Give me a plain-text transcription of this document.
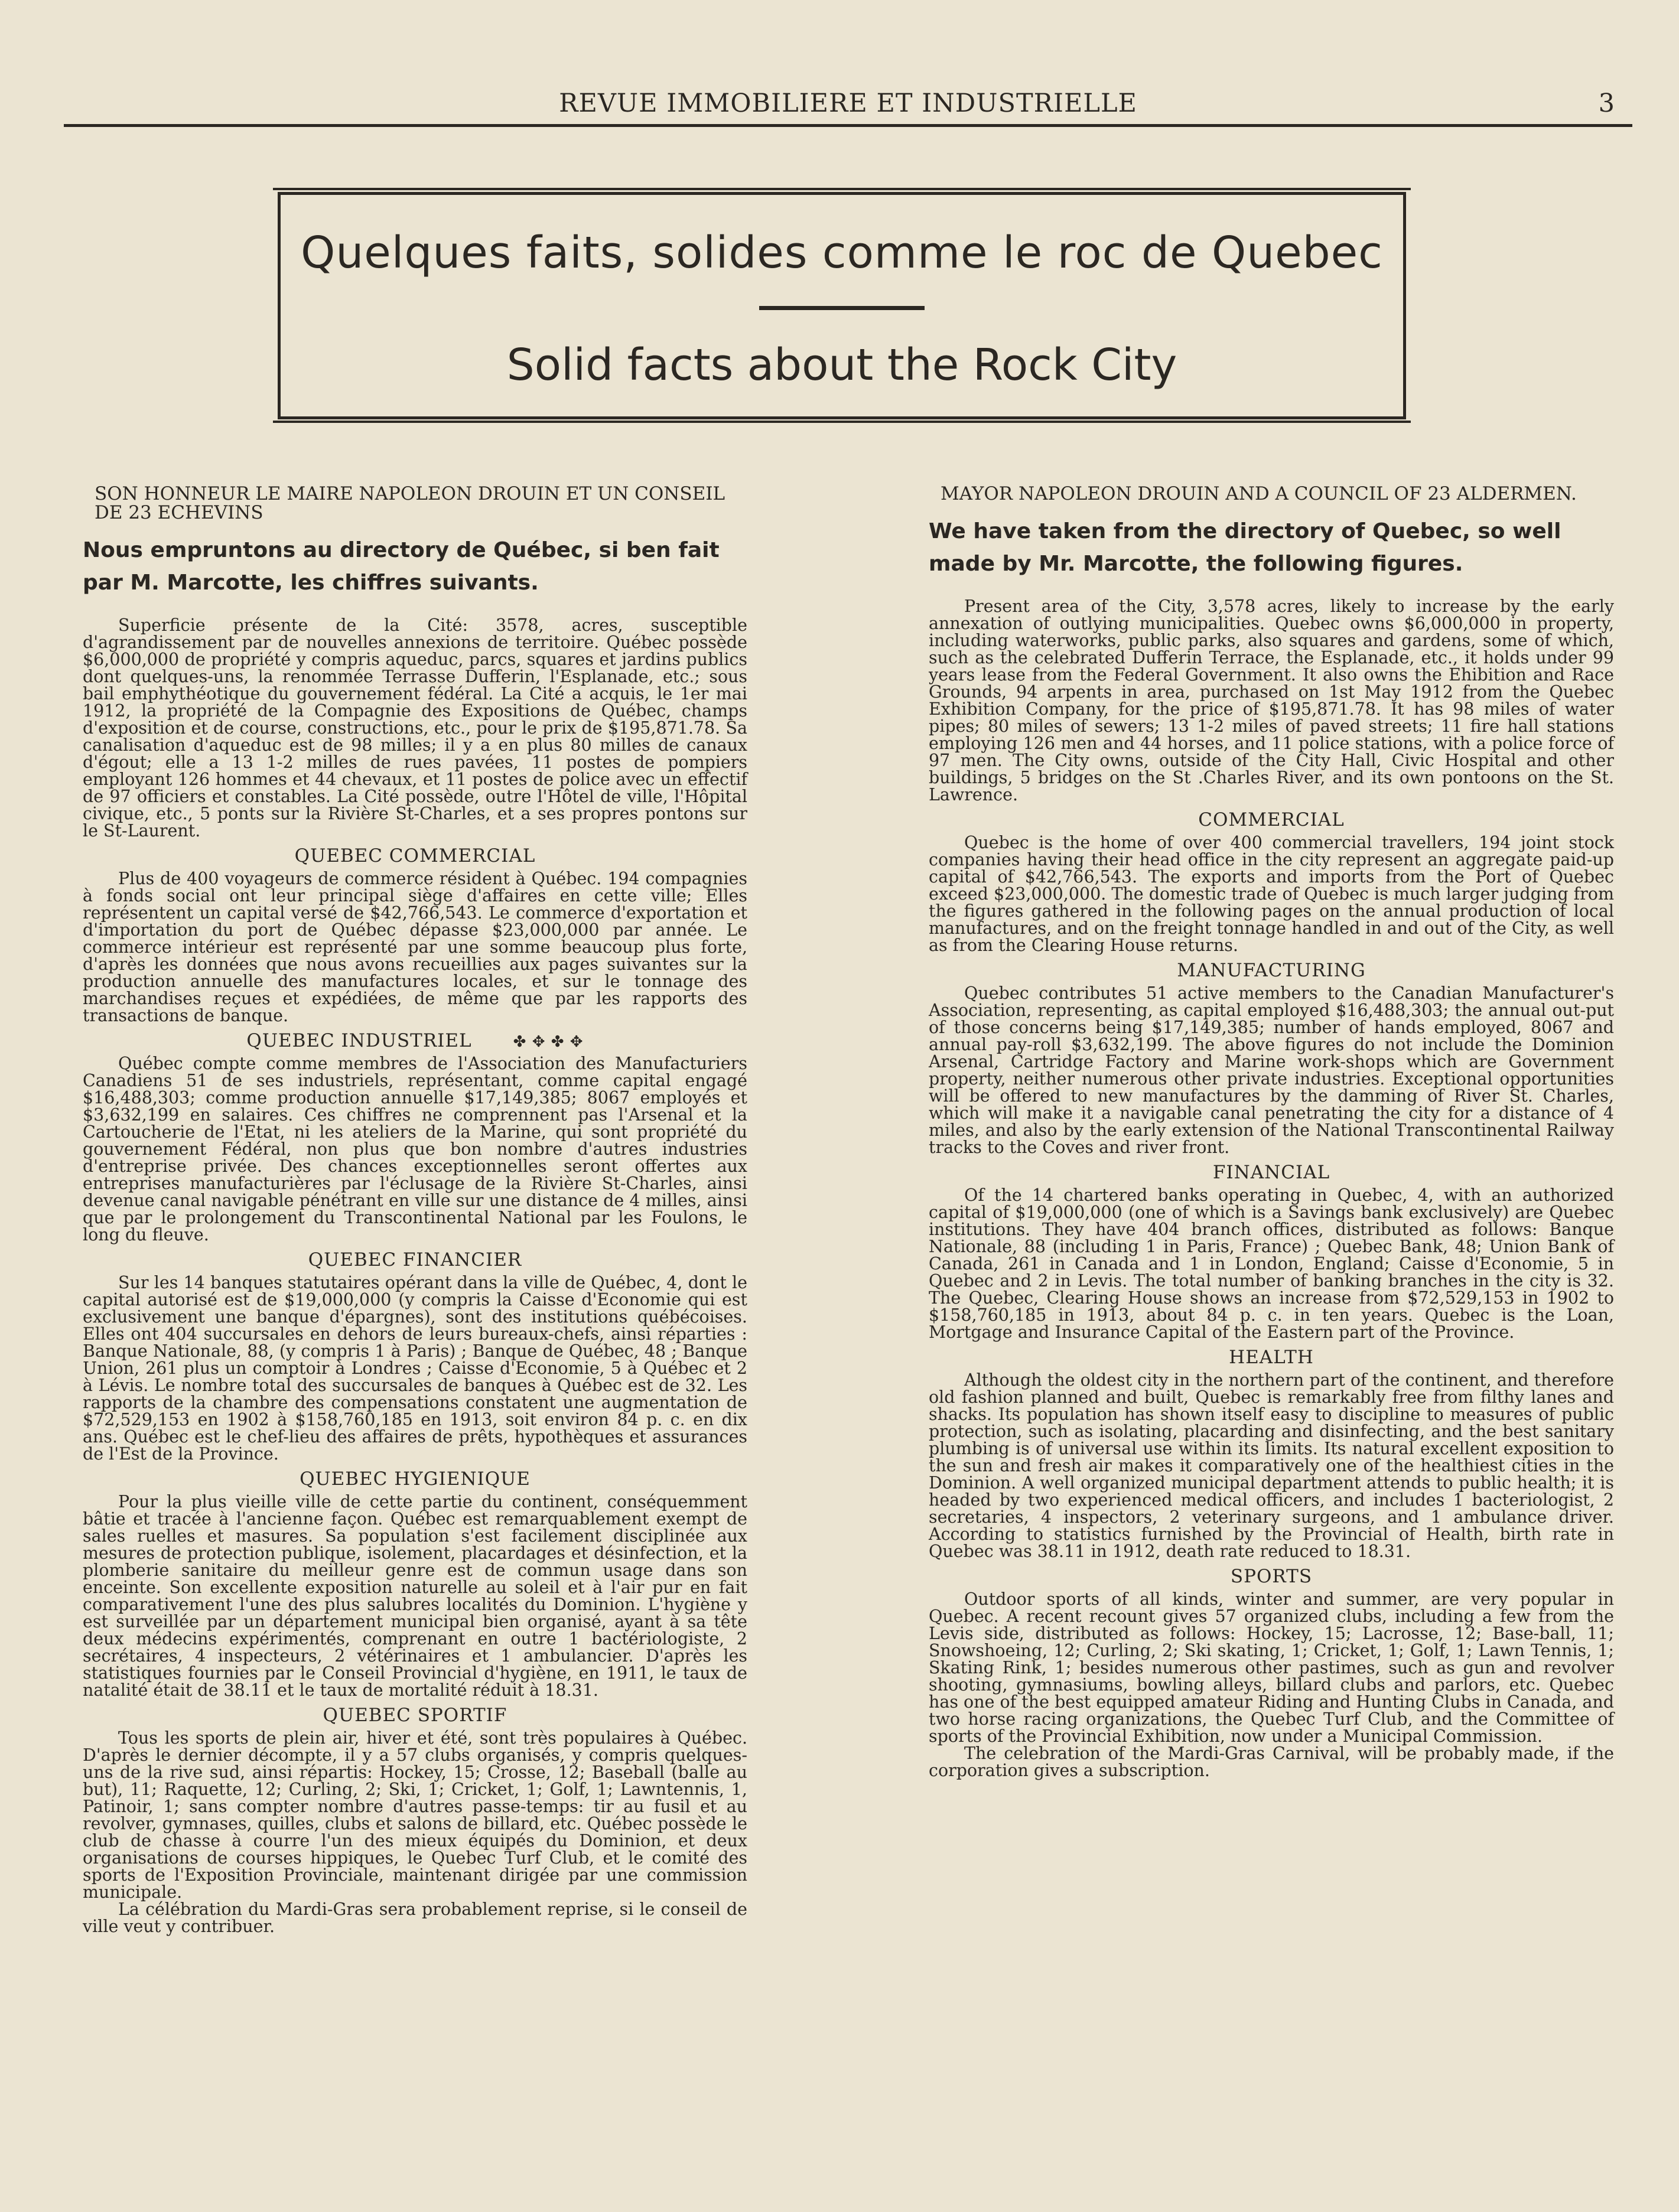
REVUE IMMOBILIERE ET INDUSTRIELLE	3
Quelques faits, solides comme le roc de Quebec
Solid facts about the Rock City

SON HONNEUR LE MAIRE NAPOLEON DROUIN ET UN CONSEIL DE 23 ECHEVINS

Nous empruntons au directory de Québec, si ben fait par M. Marcotte, les chiffres suivants.

Superficie présente de la Cité: 3578, acres, susceptible d'agrandissement par de nouvelles annexions de territoire. Québec possède $6,000,000 de propriété y compris aqueduc, parcs, squares et jardins publics dont quelques-uns, la renommée Terrasse Dufferin, l'Esplanade, etc.; sous bail emphythéotique du gouvernement fédéral. La Cité a acquis, le 1er mai 1912, la propriété de la Compagnie des Expositions de Québec, champs d'exposition et de course, constructions, etc., pour le prix de $195,871.78. Sa canalisation d'aqueduc est de 98 milles; il y a en plus 80 milles de canaux d'égout; elle a 13 1-2 milles de rues pavées, 11 postes de pompiers employant 126 hommes et 44 chevaux, et 11 postes de police avec un effectif de 97 officiers et constables. La Cité possède, outre l'Hôtel de ville, l'Hôpital civique, etc., 5 ponts sur la Rivière St-Charles, et a ses propres pontons sur le St-Laurent.

QUEBEC COMMERCIAL

Plus de 400 voyageurs de commerce résident à Québec. 194 compagnies à fonds social ont leur principal siège d'affaires en cette ville; Elles représentent un capital versé de $42,766,543. Le commerce d'exportation et d'importation du port de Québec dépasse $23,000,000 par année. Le commerce intérieur est représenté par une somme beaucoup plus forte, d'après les données que nous avons recueillies aux pages suivantes sur la production annuelle des manufactures locales, et sur le tonnage des marchandises reçues et expédiées, de même que par les rapports des transactions de banque.

QUEBEC INDUSTRIEL	✤ ✥ ✤ ✥

Québec compte comme membres de l'Association des Manufacturiers Canadiens 51 de ses industriels, représentant, comme capital engagé $16,488,303; comme production annuelle $17,149,385; 8067 employés et $3,632,199 en salaires. Ces chiffres ne comprennent pas l'Arsenal et la Cartoucherie de l'Etat, ni les ateliers de la Marine, qui sont propriété du gouvernement Fédéral, non plus que bon nombre d'autres industries d'entreprise privée. Des chances exceptionnelles seront offertes aux entreprises manufacturières par l'éclusage de la Rivière St-Charles, ainsi devenue canal navigable pénétrant en ville sur une distance de 4 milles, ainsi que par le prolongement du Transcontinental National par les Foulons, le long du fleuve.

QUEBEC FINANCIER

Sur les 14 banques statutaires opérant dans la ville de Québec, 4, dont le capital autorisé est de $19,000,000 (y compris la Caisse d'Economie qui est exclusivement une banque d'épargnes), sont des institutions québécoises. Elles ont 404 succursales en dehors de leurs bureaux-chefs, ainsi réparties : Banque Nationale, 88, (y compris 1 à Paris) ; Banque de Québec, 48 ; Banque Union, 261 plus un comptoir à Londres ; Caisse d'Economie, 5 à Québec et 2 à Lévis. Le nombre total des succursales de banques à Québec est de 32. Les rapports de la chambre des compensations constatent une augmentation de $72,529,153 en 1902 à $158,760,185 en 1913, soit environ 84 p. c. en dix ans. Québec est le chef-lieu des affaires de prêts, hypothèques et assurances de l'Est de la Province.

QUEBEC HYGIENIQUE

Pour la plus vieille ville de cette partie du continent, conséquemment bâtie et tracée à l'ancienne façon. Québec est remarquablement exempt de sales ruelles et masures. Sa population s'est facilement disciplinée aux mesures de protection publique, isolement, placardages et désinfection, et la plomberie sanitaire du meilleur genre est de commun usage dans son enceinte. Son excellente exposition naturelle au soleil et à l'air pur en fait comparativement l'une des plus salubres localités du Dominion. L'hygiène y est surveillée par un département municipal bien organisé, ayant à sa tête deux médecins expérimentés, comprenant en outre 1 bactériologiste, 2 secrétaires, 4 inspecteurs, 2 vétérinaires et 1 ambulancier. D'après les statistiques fournies par le Conseil Provincial d'hygiène, en 1911, le taux de natalité était de 38.11 et le taux de mortalité réduit à 18.31.

QUEBEC SPORTIF

Tous les sports de plein air, hiver et été, sont très populaires à Québec. D'après le dernier décompte, il y a 57 clubs organisés, y compris quelques-uns de la rive sud, ainsi répartis: Hockey, 15; Crosse, 12; Baseball (balle au but), 11; Raquette, 12; Curling, 2; Ski, 1; Cricket, 1; Golf, 1; Lawntennis, 1, Patinoir, 1; sans compter nombre d'autres passe-temps: tir au fusil et au revolver, gymnases, quilles, clubs et salons de billard, etc. Québec possède le club de chasse à courre l'un des mieux équipés du Dominion, et deux organisations de courses hippiques, le Quebec Turf Club, et le comité des sports de l'Exposition Provinciale, maintenant dirigée par une commission municipale.

La célébration du Mardi-Gras sera probablement reprise, si le conseil de ville veut y contribuer.

MAYOR NAPOLEON DROUIN AND A COUNCIL OF 23 ALDERMEN.

We have taken from the directory of Quebec, so well made by Mr. Marcotte, the following figures.

Present area of the City, 3,578 acres, likely to increase by the early annexation of outlying municipalities. Quebec owns $6,000,000 in property, including waterworks, public parks, also squares and gardens, some of which, such as the celebrated Dufferin Terrace, the Esplanade, etc., it holds under 99 years lease from the Federal Government. It also owns the Ehibition and Race Grounds, 94 arpents in area, purchased on 1st May 1912 from the Quebec Exhibition Company, for the price of $195,871.78. It has 98 miles of water pipes; 80 miles of sewers; 13 1-2 miles of paved streets; 11 fire hall stations employing 126 men and 44 horses, and 11 police stations, with a police force of 97 men. The City owns, outside of the City Hall, Civic Hospital and other buildings, 5 bridges on the St .Charles River, and its own pontoons on the St. Lawrence.

COMMERCIAL

Quebec is the home of over 400 commercial travellers, 194 joint stock companies having their head office in the city represent an aggregate paid-up capital of $42,766,543. The exports and imports from the Port of Quebec exceed $23,000,000. The domestic trade of Quebec is much larger judging from the figures gathered in the following pages on the annual production of local manufactures, and on the freight tonnage handled in and out of the City, as well as from the Clearing House returns.

MANUFACTURING

Quebec contributes 51 active members to the Canadian Manufacturer's Association, representing, as capital employed $16,488,303; the annual out-put of those concerns being $17,149,385; number of hands employed, 8067 and annual pay-roll $3,632,199. The above figures do not include the Dominion Arsenal, Cartridge Factory and Marine work-shops which are Government property, neither numerous other private industries. Exceptional opportunities will be offered to new manufactures by the damming of River St. Charles, which will make it a navigable canal penetrating the city for a distance of 4 miles, and also by the early extension of the National Transcontinental Railway tracks to the Coves and river front.

FINANCIAL

Of the 14 chartered banks operating in Quebec, 4, with an authorized capital of $19,000,000 (one of which is a Savings bank exclusively) are Quebec institutions. They have 404 branch offices, distributed as follows: Banque Nationale, 88 (including 1 in Paris, France) ; Quebec Bank, 48; Union Bank of Canada, 261 in Canada and 1 in London, England; Caisse d'Economie, 5 in Quebec and 2 in Levis. The total number of banking branches in the city is 32. The Quebec, Clearing House shows an increase from $72,529,153 in 1902 to $158,760,185 in 1913, about 84 p. c. in ten years. Quebec is the Loan, Mortgage and Insurance Capital of the Eastern part of the Province.

HEALTH

Although the oldest city in the northern part of the continent, and therefore old fashion planned and built, Quebec is remarkably free from filthy lanes and shacks. Its population has shown itself easy to discipline to measures of public protection, such as isolating, placarding and disinfecting, and the best sanitary plumbing is of universal use within its limits. Its natural excellent exposition to the sun and fresh air makes it comparatively one of the healthiest cities in the Dominion. A well organized municipal department attends to public health; it is headed by two experienced medical officers, and includes 1 bacteriologist, 2 secretaries, 4 inspectors, 2 veterinary surgeons, and 1 ambulance driver. According to statistics furnished by the Provincial of Health, birth rate in Quebec was 38.11 in 1912, death rate reduced to 18.31.

SPORTS

Outdoor sports of all kinds, winter and summer, are very popular in Quebec. A recent recount gives 57 organized clubs, including a few from the Levis side, distributed as follows: Hockey, 15; Lacrosse, 12; Base-ball, 11; Snowshoeing, 12; Curling, 2; Ski skating, 1; Cricket, 1; Golf, 1; Lawn Tennis, 1; Skating Rink, 1; besides numerous other pastimes, such as gun and revolver shooting, gymnasiums, bowling alleys, billard clubs and parlors, etc. Quebec has one of the best equipped amateur Riding and Hunting Clubs in Canada, and two horse racing organizations, the Quebec Turf Club, and the Committee of sports of the Provincial Exhibition, now under a Municipal Commission.

The celebration of the Mardi-Gras Carnival, will be probably made, if the corporation gives a subscription.
